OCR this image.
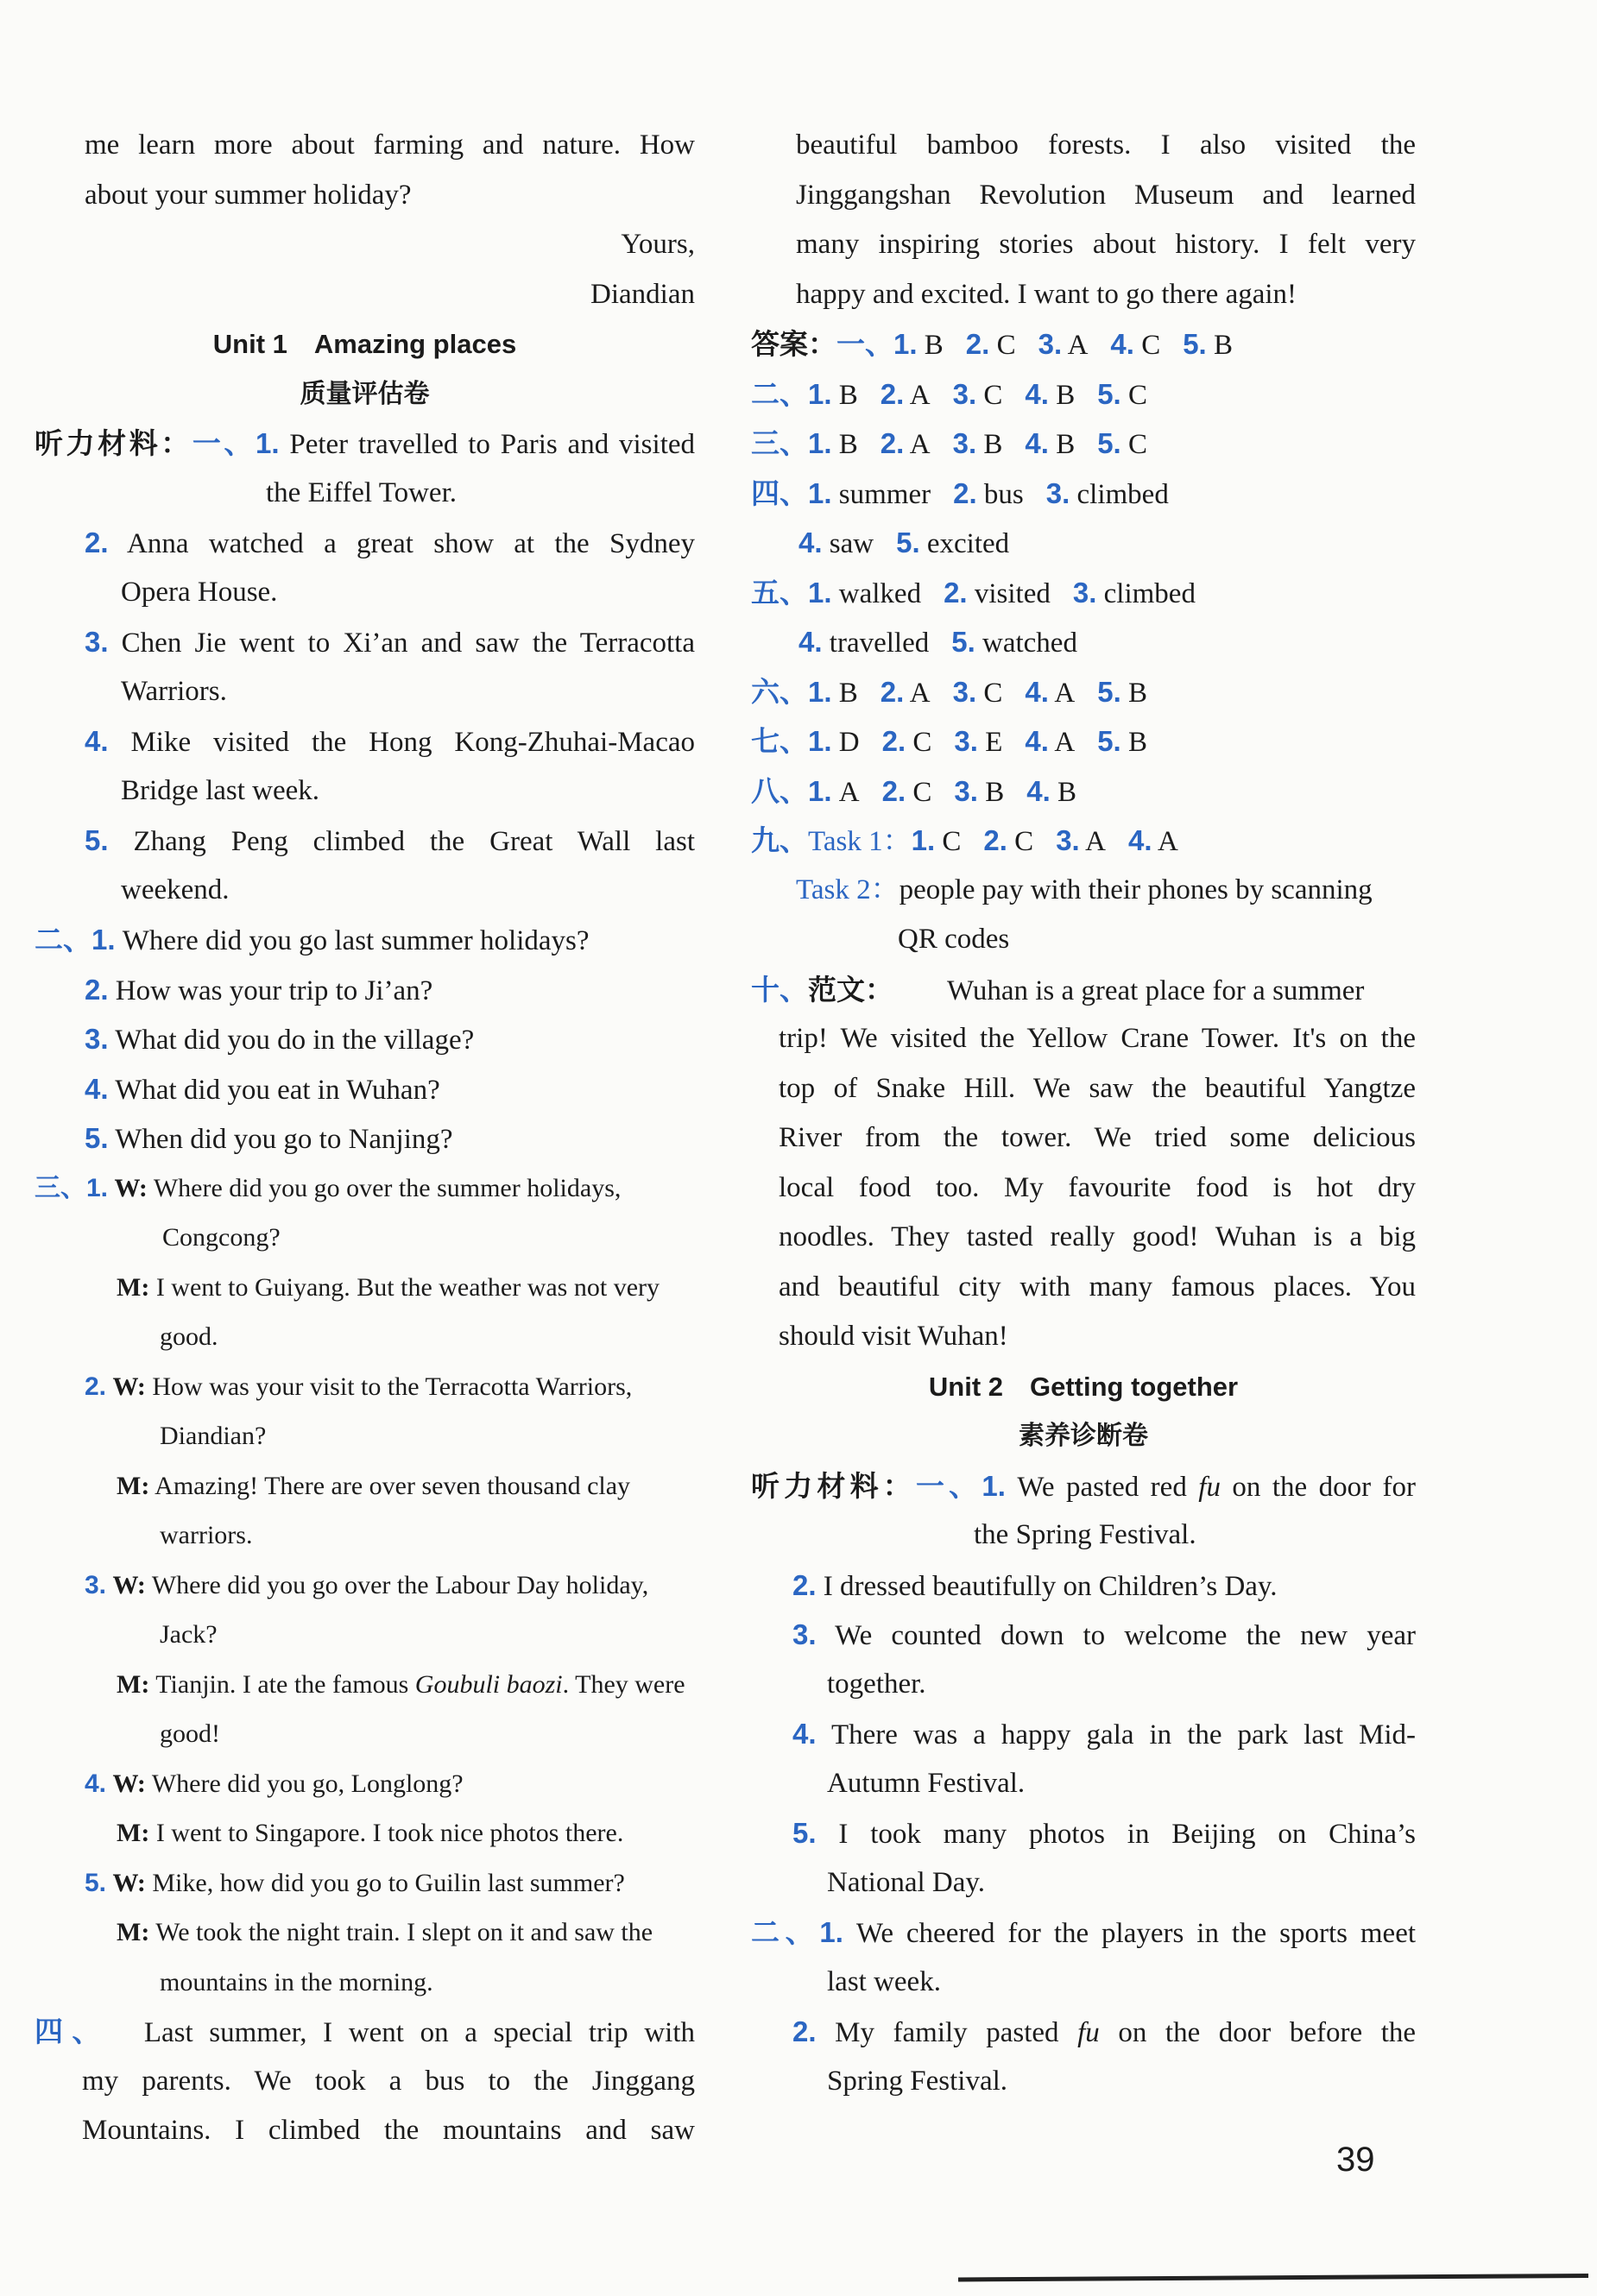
me learn more about farming and nature. How
about your summer holiday?
Yours,
Diandian
Unit 1 Amazing places
质量评估卷
听力材料：一、1. Peter travelled to Paris and visited
the Eiffel Tower.
2. Anna watched a great show at the Sydney
Opera House.
3. Chen Jie went to Xi’an and saw the Terracotta
Warriors.
4. Mike visited the Hong Kong-Zhuhai-Macao
Bridge last week.
5. Zhang Peng climbed the Great Wall last
weekend.
二、1. Where did you go last summer holidays?
2. How was your trip to Ji’an?
3. What did you do in the village?
4. What did you eat in Wuhan?
5. When did you go to Nanjing?
三、1. W: Where did you go over the summer holidays,
Congcong?
M: I went to Guiyang. But the weather was not very
good.
2. W: How was your visit to the Terracotta Warriors,
Diandian?
M: Amazing! There are over seven thousand clay
warriors.
3. W: Where did you go over the Labour Day holiday,
Jack?
M: Tianjin. I ate the famous Goubuli baozi. They were
good!
4. W: Where did you go, Longlong?
M: I went to Singapore. I took nice photos there.
5. W: Mike, how did you go to Guilin last summer?
M: We took the night train. I slept on it and saw the
mountains in the morning.
四、 Last summer, I went on a special trip with
my parents. We took a bus to the Jinggang
Mountains. I climbed the mountains and saw
beautiful bamboo forests. I also visited the
Jinggangshan Revolution Museum and learned
many inspiring stories about history. I felt very
happy and excited. I want to go there again!
答案：一、1. B 2. C 3. A 4. C 5. B
二、1. B 2. A 3. C 4. B 5. C
三、1. B 2. A 3. B 4. B 5. C
四、1. summer 2. bus 3. climbed
4. saw 5. excited
五、1. walked 2. visited 3. climbed
4. travelled 5. watched
六、1. B 2. A 3. C 4. A 5. B
七、1. D 2. C 3. E 4. A 5. B
八、1. A 2. C 3. B 4. B
九、Task 1：1. C 2. C 3. A 4. A
Task 2：people pay with their phones by scanning
QR codes
十、范文： Wuhan is a great place for a summer
trip! We visited the Yellow Crane Tower. It's on the
top of Snake Hill. We saw the beautiful Yangtze
River from the tower. We tried some delicious
local food too. My favourite food is hot dry
noodles. They tasted really good! Wuhan is a big
and beautiful city with many famous places. You
should visit Wuhan!
Unit 2 Getting together
素养诊断卷
听力材料：一、1. We pasted red fu on the door for
the Spring Festival.
2. I dressed beautifully on Children’s Day.
3. We counted down to welcome the new year
together.
4. There was a happy gala in the park last Mid-
Autumn Festival.
5. I took many photos in Beijing on China’s
National Day.
二、1. We cheered for the players in the sports meet
last week.
2. My family pasted fu on the door before the
Spring Festival.
39
